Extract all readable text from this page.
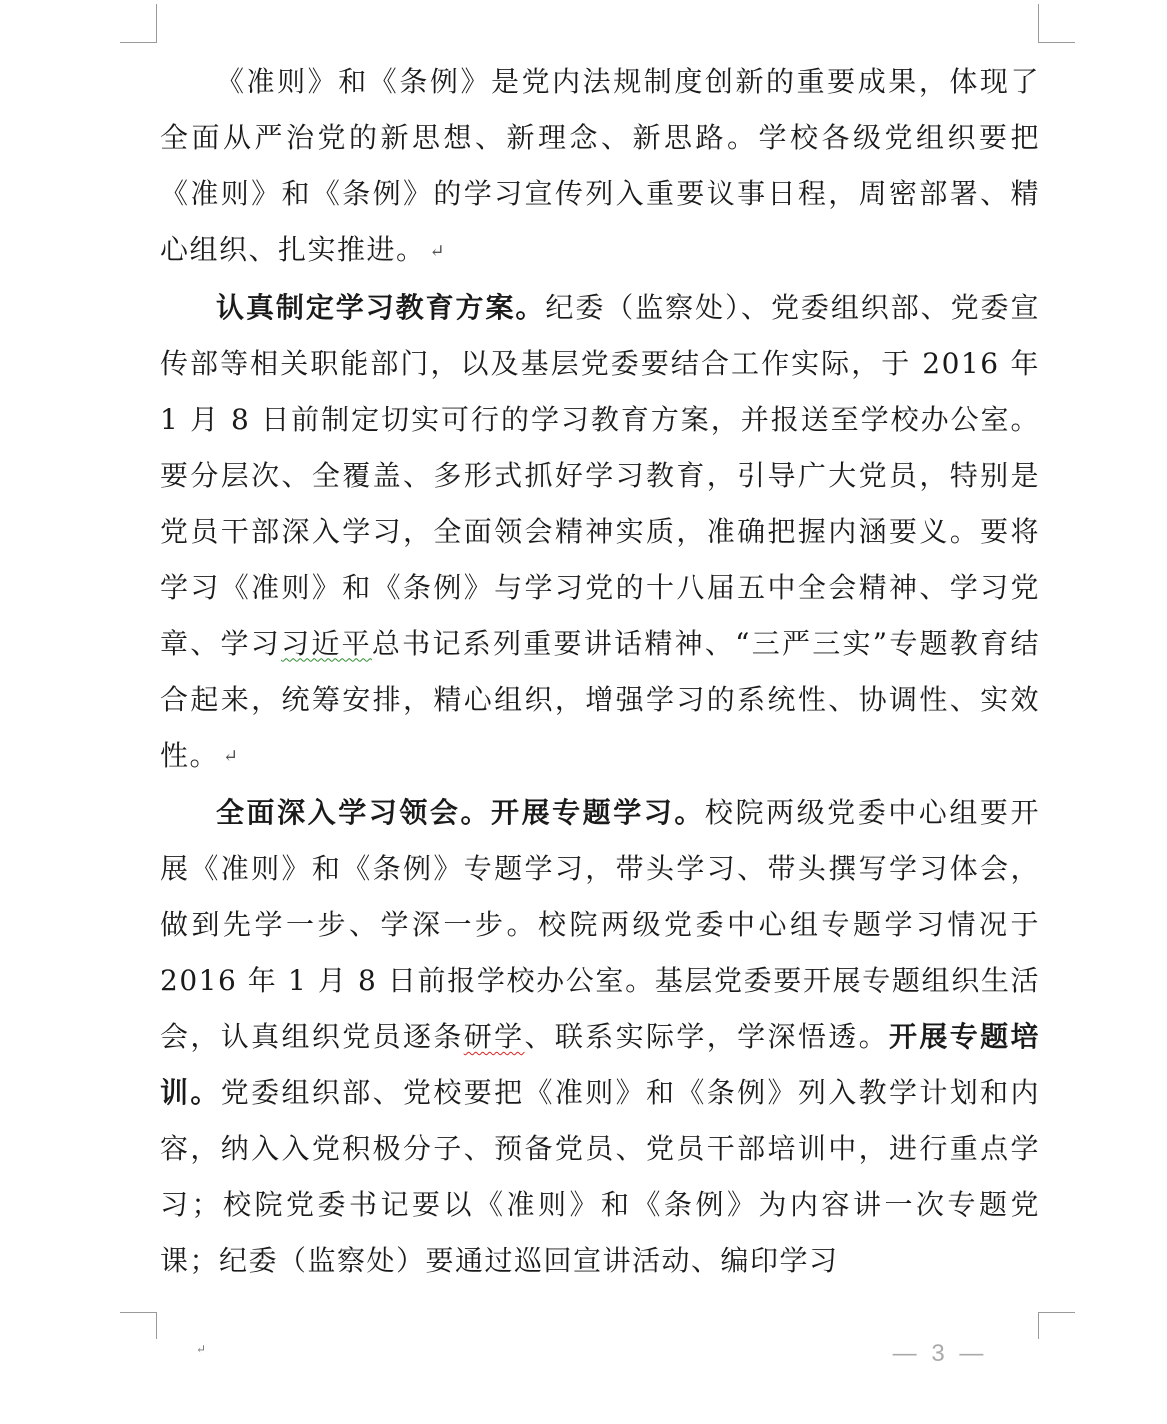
《准则》和《条例》是党内法规制度创新的重要成果，体现了全面从严治党的新思想、新理念、新思路。学校各级党组织要把《准则》和《条例》的学习宣传列入重要议事日程，周密部署、精心组织、扎实推进。 ↵

认真制定学习教育方案。纪委（监察处）、党委组织部、党委宣传部等相关职能部门，以及基层党委要结合工作实际，于 2016 年 1 月 8 日前制定切实可行的学习教育方案，并报送至学校办公室。要分层次、全覆盖、多形式抓好学习教育，引导广大党员，特别是党员干部深入学习，全面领会精神实质，准确把握内涵要义。要将学习《准则》和《条例》与学习党的十八届五中全会精神、学习党章、学习习近平总书记系列重要讲话精神、“三严三实”专题教育结合起来，统筹安排，精心组织，增强学习的系统性、协调性、实效性。 ↵

全面深入学习领会。开展专题学习。校院两级党委中心组要开展《准则》和《条例》专题学习，带头学习、带头撰写学习体会，做到先学一步、学深一步。校院两级党委中心组专题学习情况于 2016 年 1 月 8 日前报学校办公室。基层党委要开展专题组织生活会，认真组织党员逐条研学、联系实际学，学深悟透。开展专题培训。党委组织部、党校要把《准则》和《条例》列入教学计划和内容，纳入入党积极分子、预备党员、党员干部培训中，进行重点学习；校院党委书记要以《准则》和《条例》为内容讲一次专题党课；纪委（监察处）要通过巡回宣讲活动、编印学习

↵	— 3 —
